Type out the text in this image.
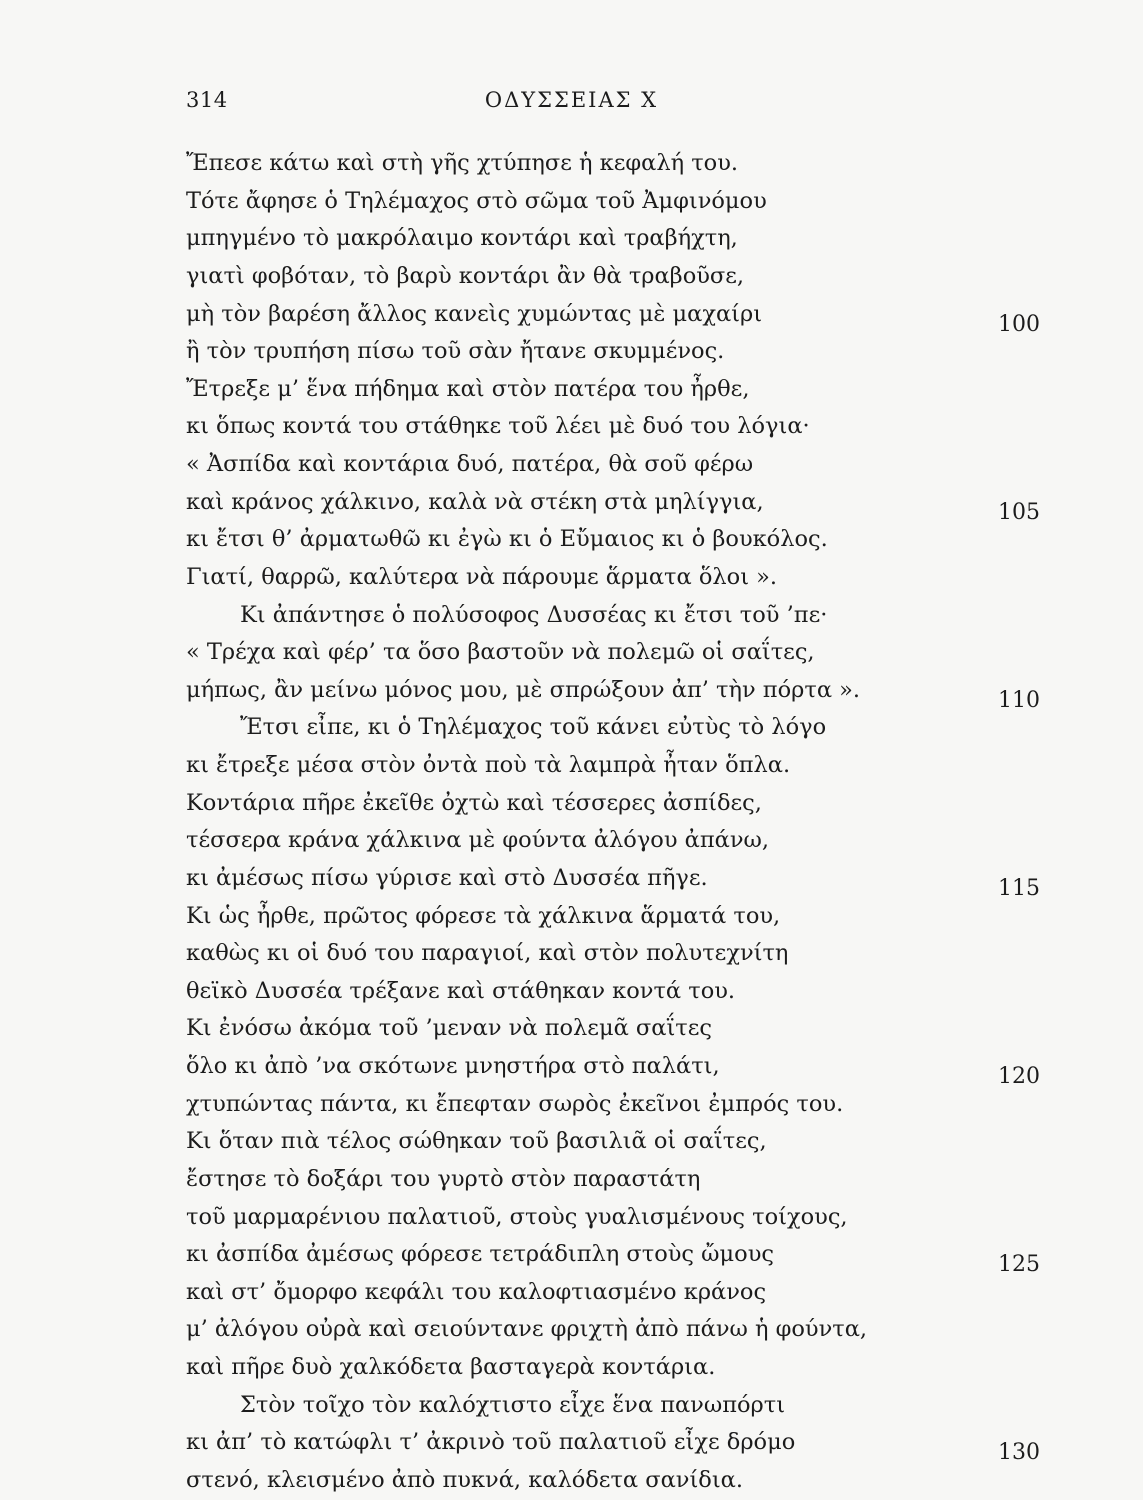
314	ΟΔΥΣΣΕΙΑΣ Χ
Ἔπεσε κάτω καὶ στὴ γῆς χτύπησε ἡ κεφαλή του.
Τότε ἄφησε ὁ Τηλέμαχος στὸ σῶμα τοῦ Ἀμφινόμου
μπηγμένο τὸ μακρόλαιμο κοντάρι καὶ τραβήχτη,
γιατὶ φοβόταν, τὸ βαρὺ κοντάρι ἂν θὰ τραβοῦσε,
μὴ τὸν βαρέση ἄλλος κανεὶς χυμώντας μὲ μαχαίρι	100
ἢ τὸν τρυπήση πίσω τοῦ σὰν ἤτανε σκυμμένος.
Ἔτρεξε μ’ ἕνα πήδημα καὶ στὸν πατέρα του ἦρθε,
κι ὅπως κοντά του στάθηκε τοῦ λέει μὲ δυό του λόγια·
« Ἀσπίδα καὶ κοντάρια δυό, πατέρα, θὰ σοῦ φέρω
καὶ κράνος χάλκινο, καλὰ νὰ στέκη στὰ μηλίγγια,	105
κι ἔτσι θ’ ἀρματωθῶ κι ἐγὼ κι ὁ Εὔμαιος κι ὁ βουκόλος.
Γιατί, θαρρῶ, καλύτερα νὰ πάρουμε ἅρματα ὅλοι ».
Κι ἀπάντησε ὁ πολύσοφος Δυσσέας κι ἔτσι τοῦ ’πε·
« Τρέχα καὶ φέρ’ τα ὅσο βαστοῦν νὰ πολεμῶ οἱ σαΐτες,
μήπως, ἂν μείνω μόνος μου, μὲ σπρώξουν ἀπ’ τὴν πόρτα ».	110
Ἔτσι εἶπε, κι ὁ Τηλέμαχος τοῦ κάνει εὐτὺς τὸ λόγο
κι ἔτρεξε μέσα στὸν ὀντὰ ποὺ τὰ λαμπρὰ ἦταν ὅπλα.
Κοντάρια πῆρε ἐκεῖθε ὀχτὼ καὶ τέσσερες ἀσπίδες,
τέσσερα κράνα χάλκινα μὲ φούντα ἀλόγου ἀπάνω,
κι ἀμέσως πίσω γύρισε καὶ στὸ Δυσσέα πῆγε.	115
Κι ὡς ἦρθε, πρῶτος φόρεσε τὰ χάλκινα ἅρματά του,
καθὼς κι οἱ δυό του παραγιοί, καὶ στὸν πολυτεχνίτη
θεϊκὸ Δυσσέα τρέξανε καὶ στάθηκαν κοντά του.
Κι ἐνόσω ἀκόμα τοῦ ’μεναν νὰ πολεμᾶ σαΐτες
ὅλο κι ἀπὸ ’να σκότωνε μνηστήρα στὸ παλάτι,	120
χτυπώντας πάντα, κι ἔπεφταν σωρὸς ἐκεῖνοι ἐμπρός του.
Κι ὅταν πιὰ τέλος σώθηκαν τοῦ βασιλιᾶ οἱ σαΐτες,
ἔστησε τὸ δοξάρι του γυρτὸ στὸν παραστάτη
τοῦ μαρμαρένιου παλατιοῦ, στοὺς γυαλισμένους τοίχους,
κι ἀσπίδα ἀμέσως φόρεσε τετράδιπλη στοὺς ὤμους	125
καὶ στ’ ὄμορφο κεφάλι του καλοφτιασμένο κράνος
μ’ ἀλόγου οὐρὰ καὶ σειούντανε φριχτὴ ἀπὸ πάνω ἡ φούντα,
καὶ πῆρε δυὸ χαλκόδετα βασταγερὰ κοντάρια.
Στὸν τοῖχο τὸν καλόχτιστο εἶχε ἕνα πανωπόρτι
κι ἀπ’ τὸ κατώφλι τ’ ἀκρινὸ τοῦ παλατιοῦ εἶχε δρόμο	130
στενό, κλεισμένο ἀπὸ πυκνά, καλόδετα σανίδια.
